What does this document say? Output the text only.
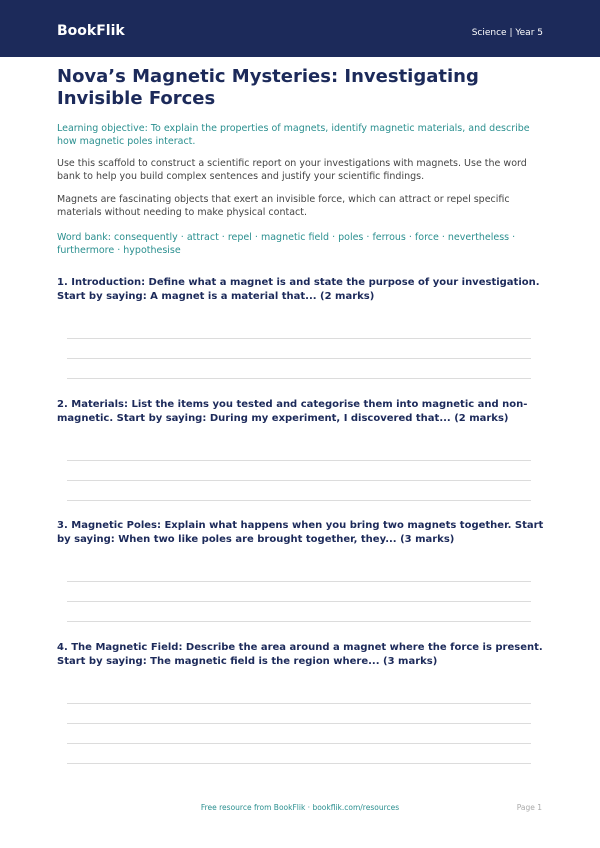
BookFlik	Science | Year 5
Nova’s Magnetic Mysteries: Investigating Invisible Forces

Learning objective: To explain the properties of magnets, identify magnetic materials, and describe how magnetic poles interact.

Use this scaffold to construct a scientific report on your investigations with magnets. Use the word bank to help you build complex sentences and justify your scientific findings.

Magnets are fascinating objects that exert an invisible force, which can attract or repel specific materials without needing to make physical contact.

Word bank: consequently · attract · repel · magnetic field · poles · ferrous · force · nevertheless · furthermore · hypothesise

1. Introduction: Define what a magnet is and state the purpose of your investigation. Start by saying: A magnet is a material that... (2 marks)

2. Materials: List the items you tested and categorise them into magnetic and non-magnetic. Start by saying: During my experiment, I discovered that... (2 marks)

3. Magnetic Poles: Explain what happens when you bring two magnets together. Start by saying: When two like poles are brought together, they... (3 marks)

4. The Magnetic Field: Describe the area around a magnet where the force is present. Start by saying: The magnetic field is the region where... (3 marks)

Free resource from BookFlik · bookflik.com/resources	Page 1
